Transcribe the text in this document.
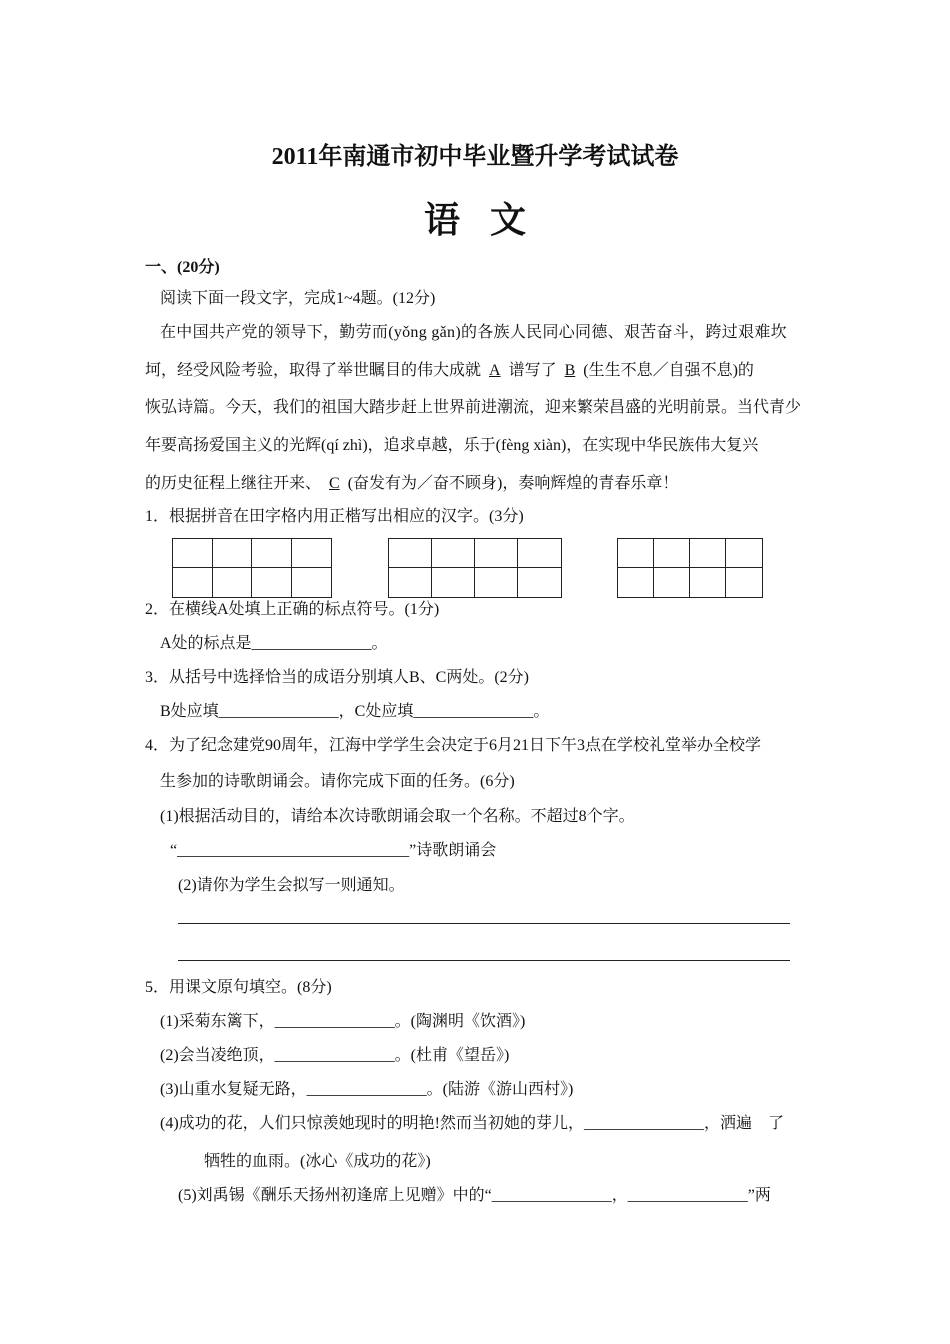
2011年南通市初中毕业暨升学考试试卷
语文
一、(20分)
阅读下面一段文字，完成1~4题。(12分)
在中国共产党的领导下，勤劳而(yǒng gǎn)的各族人民同心同德、艰苦奋斗，跨过艰难坎
坷，经受风险考验，取得了举世瞩目的伟大成就 A 谱写了 B (生生不息／自强不息)的
恢弘诗篇。今天，我们的祖国大踏步赶上世界前进潮流，迎来繁荣昌盛的光明前景。当代青少
年要高扬爱国主义的光辉(qí zhì)，追求卓越，乐于(fèng xiàn)，在实现中华民族伟大复兴
的历史征程上继往开来、 C (奋发有为／奋不顾身)，奏响辉煌的青春乐章！
1．根据拼音在田字格内用正楷写出相应的汉字。(3分)
2．在横线A处填上正确的标点符号。(1分)
A处的标点是_______________。
3．从括号中选择恰当的成语分别填人B、C两处。(2分)
B处应填_______________，C处应填_______________。
4．为了纪念建党90周年，江海中学学生会决定于6月21日下午3点在学校礼堂举办全校学
生参加的诗歌朗诵会。请你完成下面的任务。(6分)
(1)根据活动目的，请给本次诗歌朗诵会取一个名称。不超过8个字。
“_____________________________”诗歌朗诵会
(2)请你为学生会拟写一则通知。
5．用课文原句填空。(8分)
(1)采菊东篱下，_______________。(陶渊明《饮酒》)
(2)会当凌绝顶，_______________。(杜甫《望岳》)
(3)山重水复疑无路，_______________。(陆游《游山西村》)
(4)成功的花，人们只惊羡她现时的明艳!然而当初她的芽儿，_______________，洒遍　了
牺牲的血雨。(冰心《成功的花》)
(5)刘禹锡《酬乐天扬州初逢席上见赠》中的“_______________，_______________”两
